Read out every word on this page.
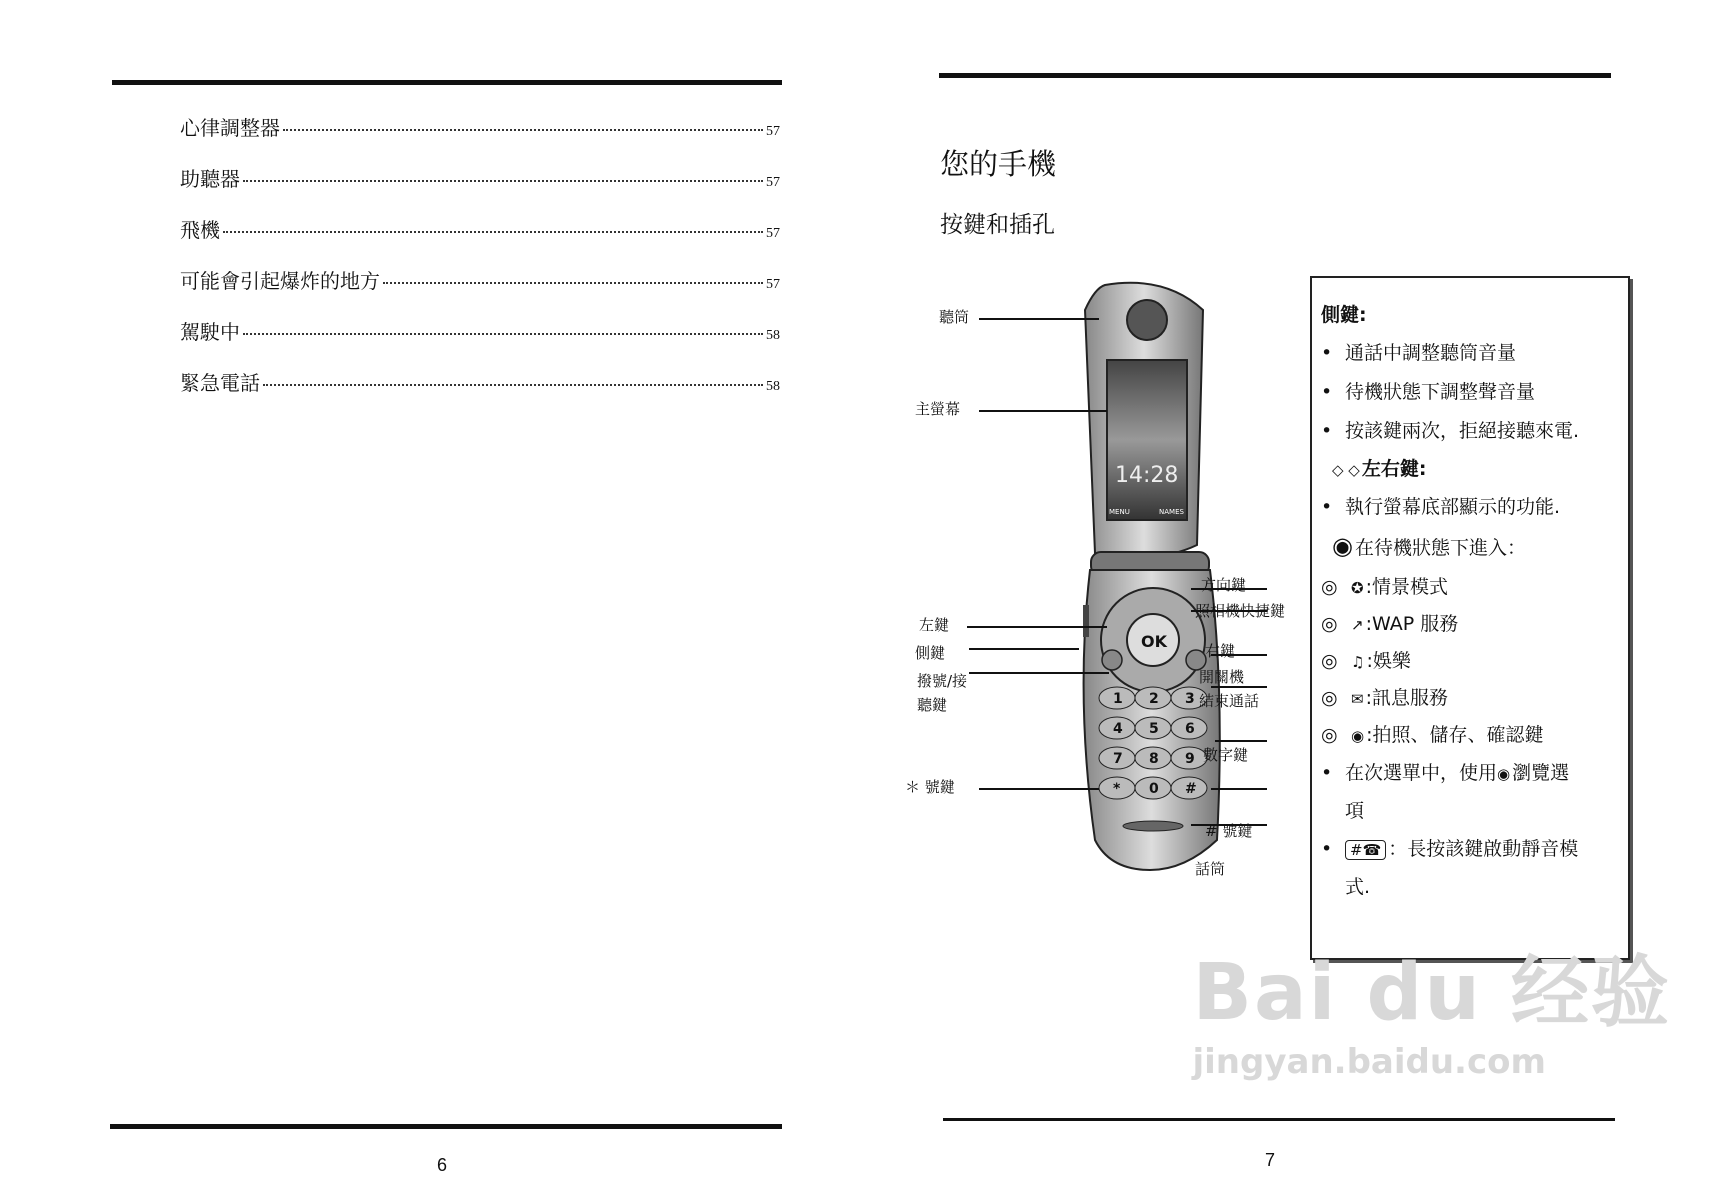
心律調整器	57
助聽器	57
飛機	57
可能會引起爆炸的地方	57
駕駛中	58
緊急電話	58
6
您的手機
按鍵和插孔
14:28
MENU	NAMES
OK
1 2 3
4 5 6
7 8 9
* 0 #
聽筒
主螢幕
左鍵
側鍵
撥號/接
聽鍵
＊ 號鍵
方向鍵
照相機快捷鍵
右鍵
開關機
結束通話
數字鍵
# 號鍵
話筒
側鍵:
• 通話中調整聽筒音量
• 待機狀態下調整聲音量
• 按該鍵兩次，拒絕接聽來電.
◇ ◇ 左右鍵:
• 執行螢幕底部顯示的功能.
◉ 在待機狀態下進入：
◎ ✪ :情景模式
◎ ↗ :WAP 服務
◎ ♫ :娛樂
◎ ✉ :訊息服務
◎ ◉ :拍照、儲存、確認鍵
• 在次選單中，使用◉ 瀏覽選
項
• #☎ ：長按該鍵啟動靜音模
式.
Bai du 经验
jingyan.baidu.com
7
